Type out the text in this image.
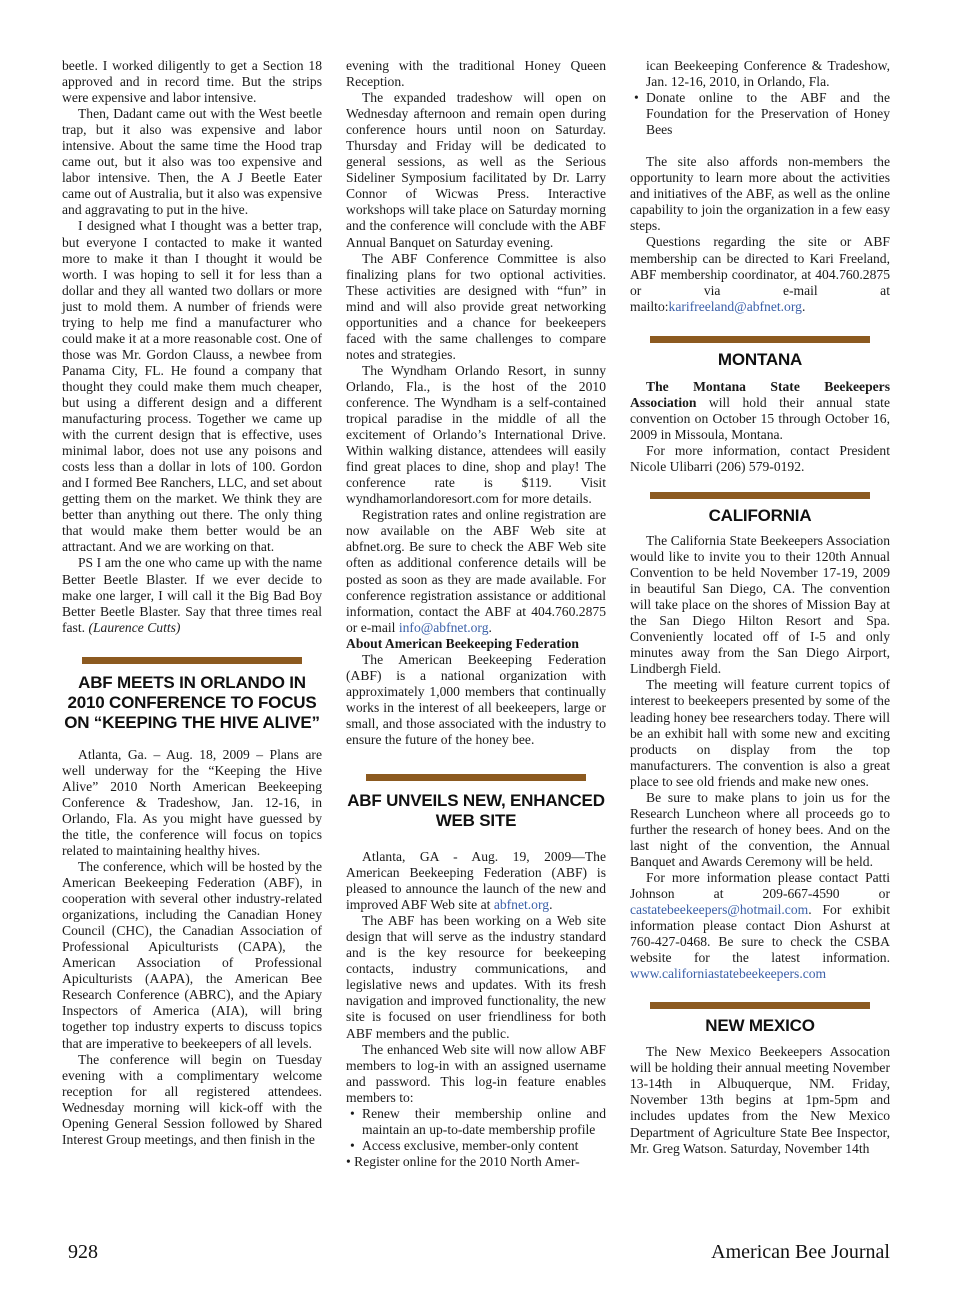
beetle. I worked diligently to get a Section 18 approved and in record time. But the strips were expensive and labor intensive.

Then, Dadant came out with the West beetle trap, but it also was expensive and labor intensive. About the same time the Hood trap came out, but it also was too expensive and labor intensive. Then, the A J Beetle Eater came out of Australia, but it also was expensive and aggravating to put in the hive.

I designed what I thought was a better trap, but everyone I contacted to make it wanted more to make it than I thought it would be worth. I was hoping to sell it for less than a dollar and they all wanted two dollars or more just to mold them. A number of friends were trying to help me find a manufacturer who could make it at a more reasonable cost. One of those was Mr. Gordon Clauss, a newbee from Panama City, FL. He found a company that thought they could make them much cheaper, but using a different design and a different manufacturing process. Together we came up with the current design that is effective, uses minimal labor, does not use any poisons and costs less than a dollar in lots of 100. Gordon and I formed Bee Ranchers, LLC, and set about getting them on the market. We think they are better than anything out there. The only thing that would make them better would be an attractant. And we are working on that.

PS I am the one who came up with the name Better Beetle Blaster. If we ever decide to make one larger, I will call it the Big Bad Boy Better Beetle Blaster. Say that three times real fast. (Laurence Cutts)

ABF MEETS IN ORLANDO IN 2010 CONFERENCE TO FOCUS ON “KEEPING THE HIVE ALIVE”

Atlanta, Ga. – Aug. 18, 2009 – Plans are well underway for the “Keeping the Hive Alive” 2010 North American Beekeeping Conference & Tradeshow, Jan. 12-16, in Orlando, Fla. As you might have guessed by the title, the conference will focus on topics related to maintaining healthy hives.

The conference, which will be hosted by the American Beekeeping Federation (ABF), in cooperation with several other industry-related organizations, including the Canadian Honey Council (CHC), the Canadian Association of Professional Apiculturists (CAPA), the American Association of Professional Apiculturists (AAPA), the American Bee Research Conference (ABRC), and the Apiary Inspectors of America (AIA), will bring together top industry experts to discuss topics that are imperative to beekeepers of all levels.

The conference will begin on Tuesday evening with a complimentary welcome reception for all registered attendees. Wednesday morning will kick-off with the Opening General Session followed by Shared Interest Group meetings, and then finish in the

evening with the traditional Honey Queen Reception.

The expanded tradeshow will open on Wednesday afternoon and remain open during conference hours until noon on Saturday. Thursday and Friday will be dedicated to general sessions, as well as the Serious Sideliner Symposium facilitated by Dr. Larry Connor of Wicwas Press. Interactive workshops will take place on Saturday morning and the conference will conclude with the ABF Annual Banquet on Saturday evening.

The ABF Conference Committee is also finalizing plans for two optional activities. These activities are designed with “fun” in mind and will also provide great networking opportunities and a chance for beekeepers faced with the same challenges to compare notes and strategies.

The Wyndham Orlando Resort, in sunny Orlando, Fla., is the host of the 2010 conference. The Wyndham is a self-contained tropical paradise in the middle of all the excitement of Orlando’s International Drive. Within walking distance, attendees will easily find great places to dine, shop and play! The conference rate is $119. Visit wyndhamorlandoresort.com for more details.

Registration rates and online registration are now available on the ABF Web site at abfnet.org. Be sure to check the ABF Web site often as additional conference details will be posted as soon as they are made available. For conference registration assistance or additional information, contact the ABF at 404.760.2875 or e-mail info@abfnet.org.

About American Beekeeping Federation

The American Beekeeping Federation (ABF) is a national organization with approximately 1,000 members that continually works in the interest of all beekeepers, large or small, and those associated with the industry to ensure the future of the honey bee.

ABF UNVEILS NEW, ENHANCED WEB SITE

Atlanta, GA - Aug. 19, 2009—The American Beekeeping Federation (ABF) is pleased to announce the launch of the new and improved ABF Web site at abfnet.org.

The ABF has been working on a Web site design that will serve as the industry standard and is the key resource for beekeeping contacts, industry communications, and legislative news and updates. With its fresh navigation and improved functionality, the new site is focused on user friendliness for both ABF members and the public.

The enhanced Web site will now allow ABF members to log-in with an assigned username and password. This log-in feature enables members to:

• Renew their membership online and maintain an up-to-date membership profile

• Access exclusive, member-only content

• Register online for the 2010 North Amer-

ican Beekeeping Conference & Tradeshow, Jan. 12-16, 2010, in Orlando, Fla.

• Donate online to the ABF and the Foundation for the Preservation of Honey Bees

The site also affords non-members the opportunity to learn more about the activities and initiatives of the ABF, as well as the online capability to join the organization in a few easy steps.

Questions regarding the site or ABF membership can be directed to Kari Freeland, ABF membership coordinator, at 404.760.2875 or via e-mail at mailto:karifreeland@abfnet.org.

MONTANA

The Montana State Beekeepers Association will hold their annual state convention on October 15 through October 16, 2009 in Missoula, Montana.

For more information, contact President Nicole Ulibarri (206) 579-0192.

CALIFORNIA

The California State Beekeepers Association would like to invite you to their 120th Annual Convention to be held November 17-19, 2009 in beautiful San Diego, CA. The convention will take place on the shores of Mission Bay at the San Diego Hilton Resort and Spa. Conveniently located off of I-5 and only minutes away from the San Diego Airport, Lindbergh Field.

The meeting will feature current topics of interest to beekeepers presented by some of the leading honey bee researchers today. There will be an exhibit hall with some new and exciting products on display from the top manufacturers. The convention is also a great place to see old friends and make new ones.

Be sure to make plans to join us for the Research Luncheon where all proceeds go to further the research of honey bees. And on the last night of the convention, the Annual Banquet and Awards Ceremony will be held.

For more information please contact Patti Johnson at 209-667-4590 or castatebeekeepers@hotmail.com. For exhibit information please contact Dion Ashurst at 760-427-0468. Be sure to check the CSBA website for the latest information. www.californiastatebeekeepers.com

NEW MEXICO

The New Mexico Beekeepers Assocation will be holding their annual meeting November 13-14th in Albuquerque, NM. Friday, November 13th begins at 1pm-5pm and includes updates from the New Mexico Department of Agriculture State Bee Inspector, Mr. Greg Watson. Saturday, November 14th

928	American Bee Journal
